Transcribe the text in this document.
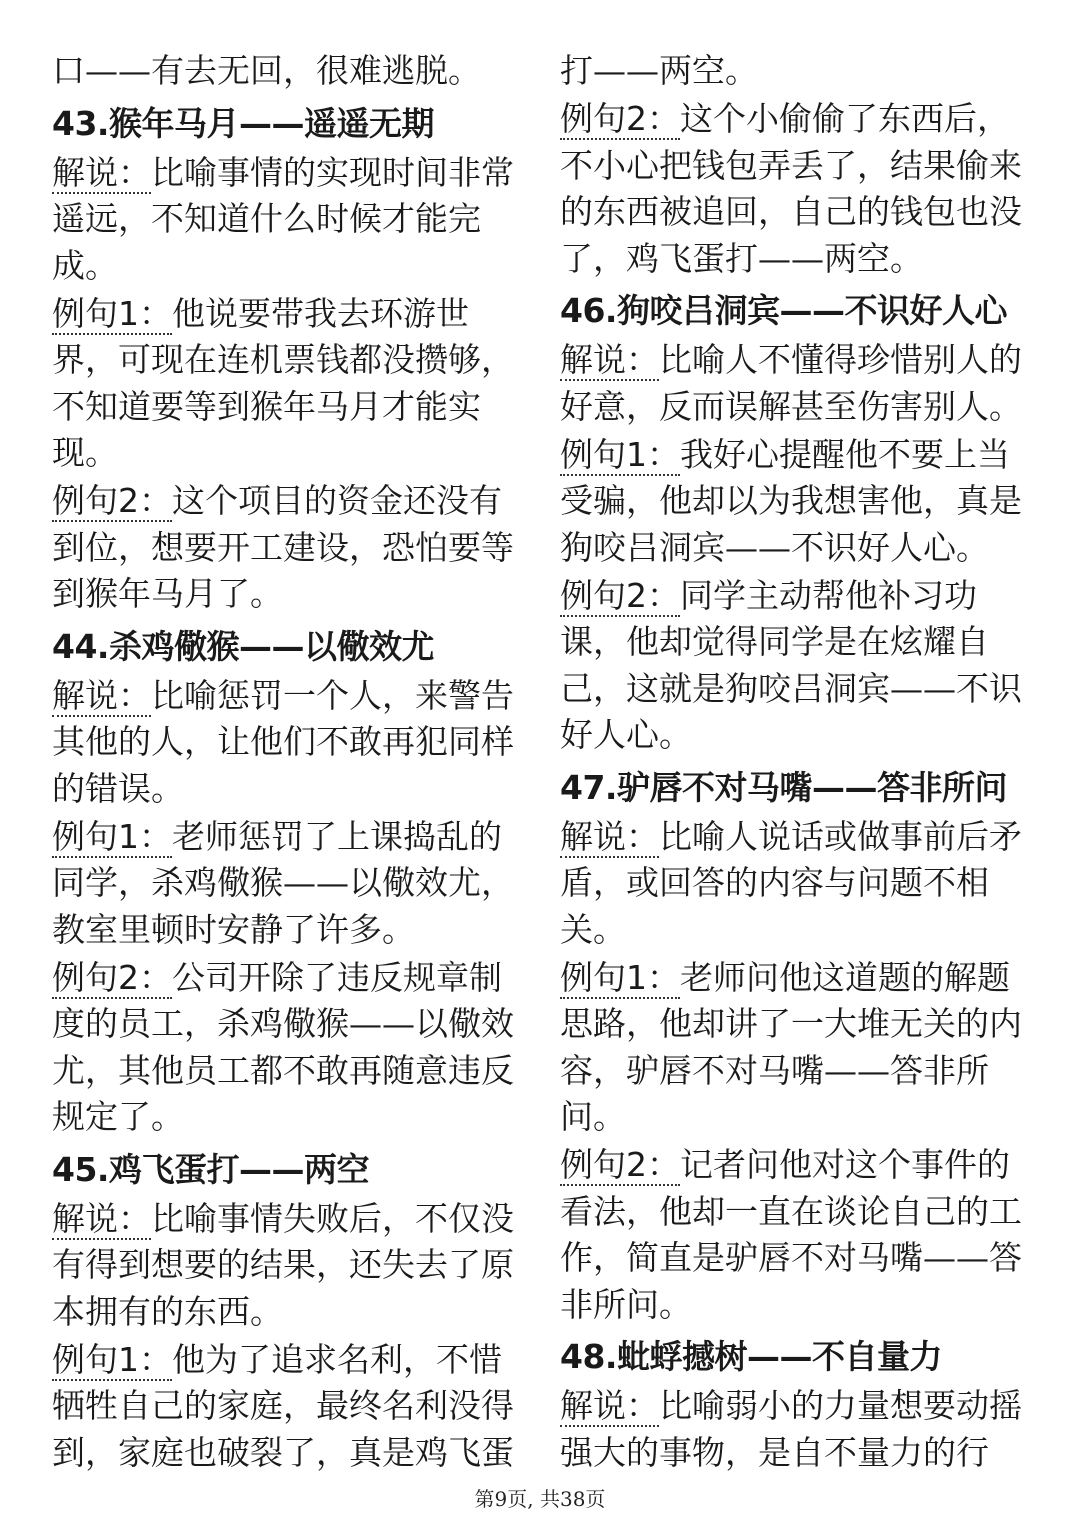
口——有去无回，很难逃脱。

43.猴年马月——遥遥无期

解说：比喻事情的实现时间非常遥远，不知道什么时候才能完成。

例句1：他说要带我去环游世界，可现在连机票钱都没攒够，不知道要等到猴年马月才能实现。

例句2：这个项目的资金还没有到位，想要开工建设，恐怕要等到猴年马月了。

44.杀鸡儆猴——以儆效尤

解说：比喻惩罚一个人，来警告其他的人，让他们不敢再犯同样的错误。

例句1：老师惩罚了上课捣乱的同学，杀鸡儆猴——以儆效尤，教室里顿时安静了许多。

例句2：公司开除了违反规章制度的员工，杀鸡儆猴——以儆效尤，其他员工都不敢再随意违反规定了。

45.鸡飞蛋打——两空

解说：比喻事情失败后，不仅没有得到想要的结果，还失去了原本拥有的东西。

例句1：他为了追求名利，不惜牺牲自己的家庭，最终名利没得到，家庭也破裂了，真是鸡飞蛋

打——两空。

例句2：这个小偷偷了东西后，不小心把钱包弄丢了，结果偷来的东西被追回，自己的钱包也没了，鸡飞蛋打——两空。

46.狗咬吕洞宾——不识好人心

解说：比喻人不懂得珍惜别人的好意，反而误解甚至伤害别人。

例句1：我好心提醒他不要上当受骗，他却以为我想害他，真是狗咬吕洞宾——不识好人心。

例句2：同学主动帮他补习功课，他却觉得同学是在炫耀自己，这就是狗咬吕洞宾——不识好人心。

47.驴唇不对马嘴——答非所问

解说：比喻人说话或做事前后矛盾，或回答的内容与问题不相关。

例句1：老师问他这道题的解题思路，他却讲了一大堆无关的内容，驴唇不对马嘴——答非所问。

例句2：记者问他对这个事件的看法，他却一直在谈论自己的工作，简直是驴唇不对马嘴——答非所问。

48.蚍蜉撼树——不自量力

解说：比喻弱小的力量想要动摇强大的事物，是自不量力的行

第9页, 共38页
